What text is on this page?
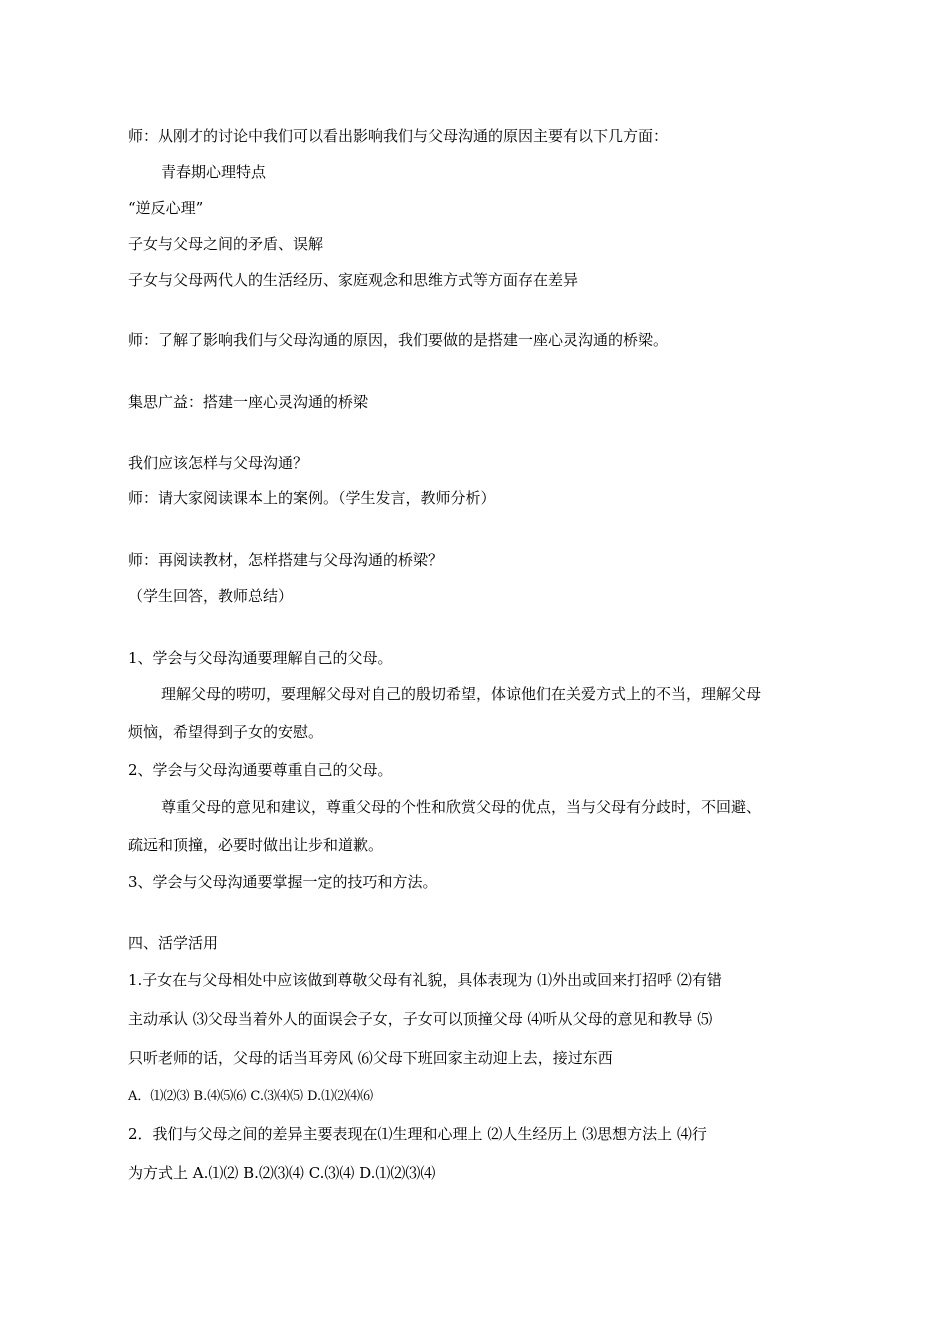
师：从刚才的讨论中我们可以看出影响我们与父母沟通的原因主要有以下几方面：
青春期心理特点
“逆反心理”
子女与父母之间的矛盾、误解
子女与父母两代人的生活经历、家庭观念和思维方式等方面存在差异
师：了解了影响我们与父母沟通的原因，我们要做的是搭建一座心灵沟通的桥梁。
集思广益：搭建一座心灵沟通的桥梁
我们应该怎样与父母沟通？
师：请大家阅读课本上的案例。（学生发言，教师分析）
师：再阅读教材，怎样搭建与父母沟通的桥梁？
（学生回答，教师总结）
1、学会与父母沟通要理解自己的父母。
理解父母的唠叨，要理解父母对自己的殷切希望，体谅他们在关爱方式上的不当，理解父母
烦恼，希望得到子女的安慰。
2、学会与父母沟通要尊重自己的父母。
尊重父母的意见和建议，尊重父母的个性和欣赏父母的优点，当与父母有分歧时，不回避、
疏远和顶撞，必要时做出让步和道歉。
3、学会与父母沟通要掌握一定的技巧和方法。
四、活学活用
1.子女在与父母相处中应该做到尊敬父母有礼貌，具体表现为 ⑴外出或回来打招呼 ⑵有错
主动承认 ⑶父母当着外人的面误会子女，子女可以顶撞父母 ⑷听从父母的意见和教导 ⑸
只听老师的话，父母的话当耳旁风 ⑹父母下班回家主动迎上去，接过东西
A．⑴⑵⑶ B.⑷⑸⑹ C.⑶⑷⑸ D.⑴⑵⑷⑹
2．我们与父母之间的差异主要表现在⑴生理和心理上 ⑵人生经历上 ⑶思想方法上 ⑷行
为方式上 A.⑴⑵ B.⑵⑶⑷ C.⑶⑷ D.⑴⑵⑶⑷
